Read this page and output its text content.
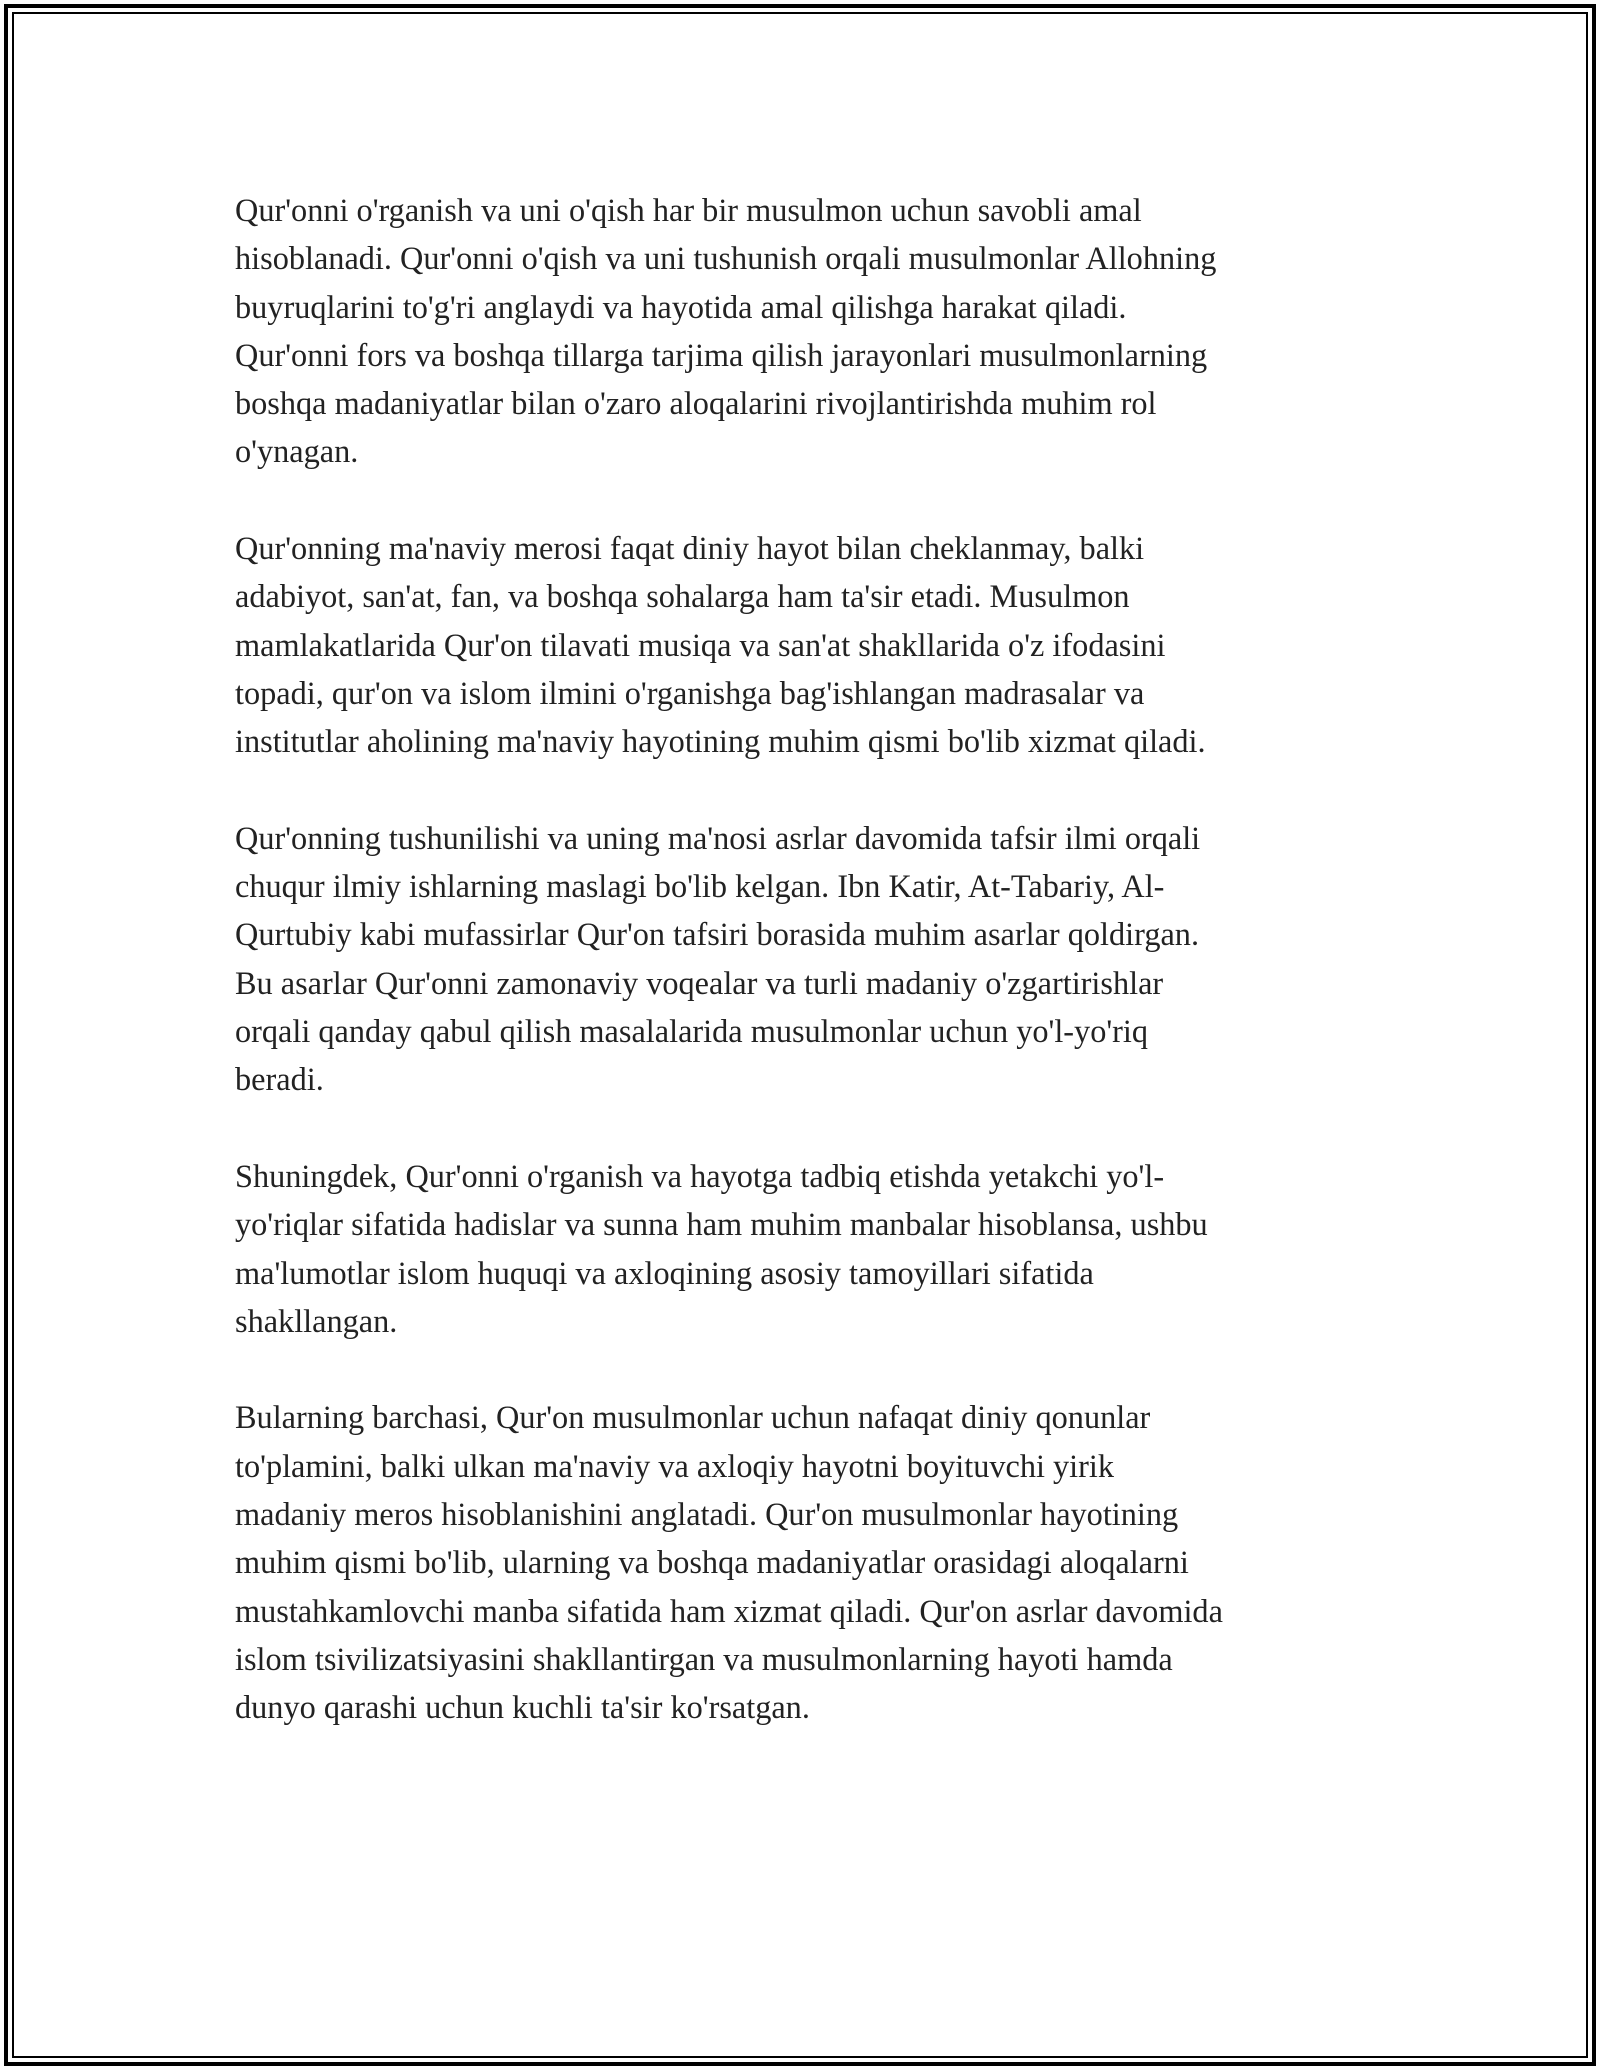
Qur'onni o'rganish va uni o'qish har bir musulmon uchun savobli amal
hisoblanadi. Qur'onni o'qish va uni tushunish orqali musulmonlar Allohning
buyruqlarini to'g'ri anglaydi va hayotida amal qilishga harakat qiladi.
Qur'onni fors va boshqa tillarga tarjima qilish jarayonlari musulmonlarning
boshqa madaniyatlar bilan o'zaro aloqalarini rivojlantirishda muhim rol
o'ynagan.

Qur'onning ma'naviy merosi faqat diniy hayot bilan cheklanmay, balki
adabiyot, san'at, fan, va boshqa sohalarga ham ta'sir etadi. Musulmon
mamlakatlarida Qur'on tilavati musiqa va san'at shakllarida o'z ifodasini
topadi, qur'on va islom ilmini o'rganishga bag'ishlangan madrasalar va
institutlar aholining ma'naviy hayotining muhim qismi bo'lib xizmat qiladi.

Qur'onning tushunilishi va uning ma'nosi asrlar davomida tafsir ilmi orqali
chuqur ilmiy ishlarning maslagi bo'lib kelgan. Ibn Katir, At-Tabariy, Al-
Qurtubiy kabi mufassirlar Qur'on tafsiri borasida muhim asarlar qoldirgan.
Bu asarlar Qur'onni zamonaviy voqealar va turli madaniy o'zgartirishlar
orqali qanday qabul qilish masalalarida musulmonlar uchun yo'l-yo'riq
beradi.

Shuningdek, Qur'onni o'rganish va hayotga tadbiq etishda yetakchi yo'l-
yo'riqlar sifatida hadislar va sunna ham muhim manbalar hisoblansa, ushbu
ma'lumotlar islom huquqi va axloqining asosiy tamoyillari sifatida
shakllangan.

Bularning barchasi, Qur'on musulmonlar uchun nafaqat diniy qonunlar
to'plamini, balki ulkan ma'naviy va axloqiy hayotni boyituvchi yirik
madaniy meros hisoblanishini anglatadi. Qur'on musulmonlar hayotining
muhim qismi bo'lib, ularning va boshqa madaniyatlar orasidagi aloqalarni
mustahkamlovchi manba sifatida ham xizmat qiladi. Qur'on asrlar davomida
islom tsivilizatsiyasini shakllantirgan va musulmonlarning hayoti hamda
dunyo qarashi uchun kuchli ta'sir ko'rsatgan.
